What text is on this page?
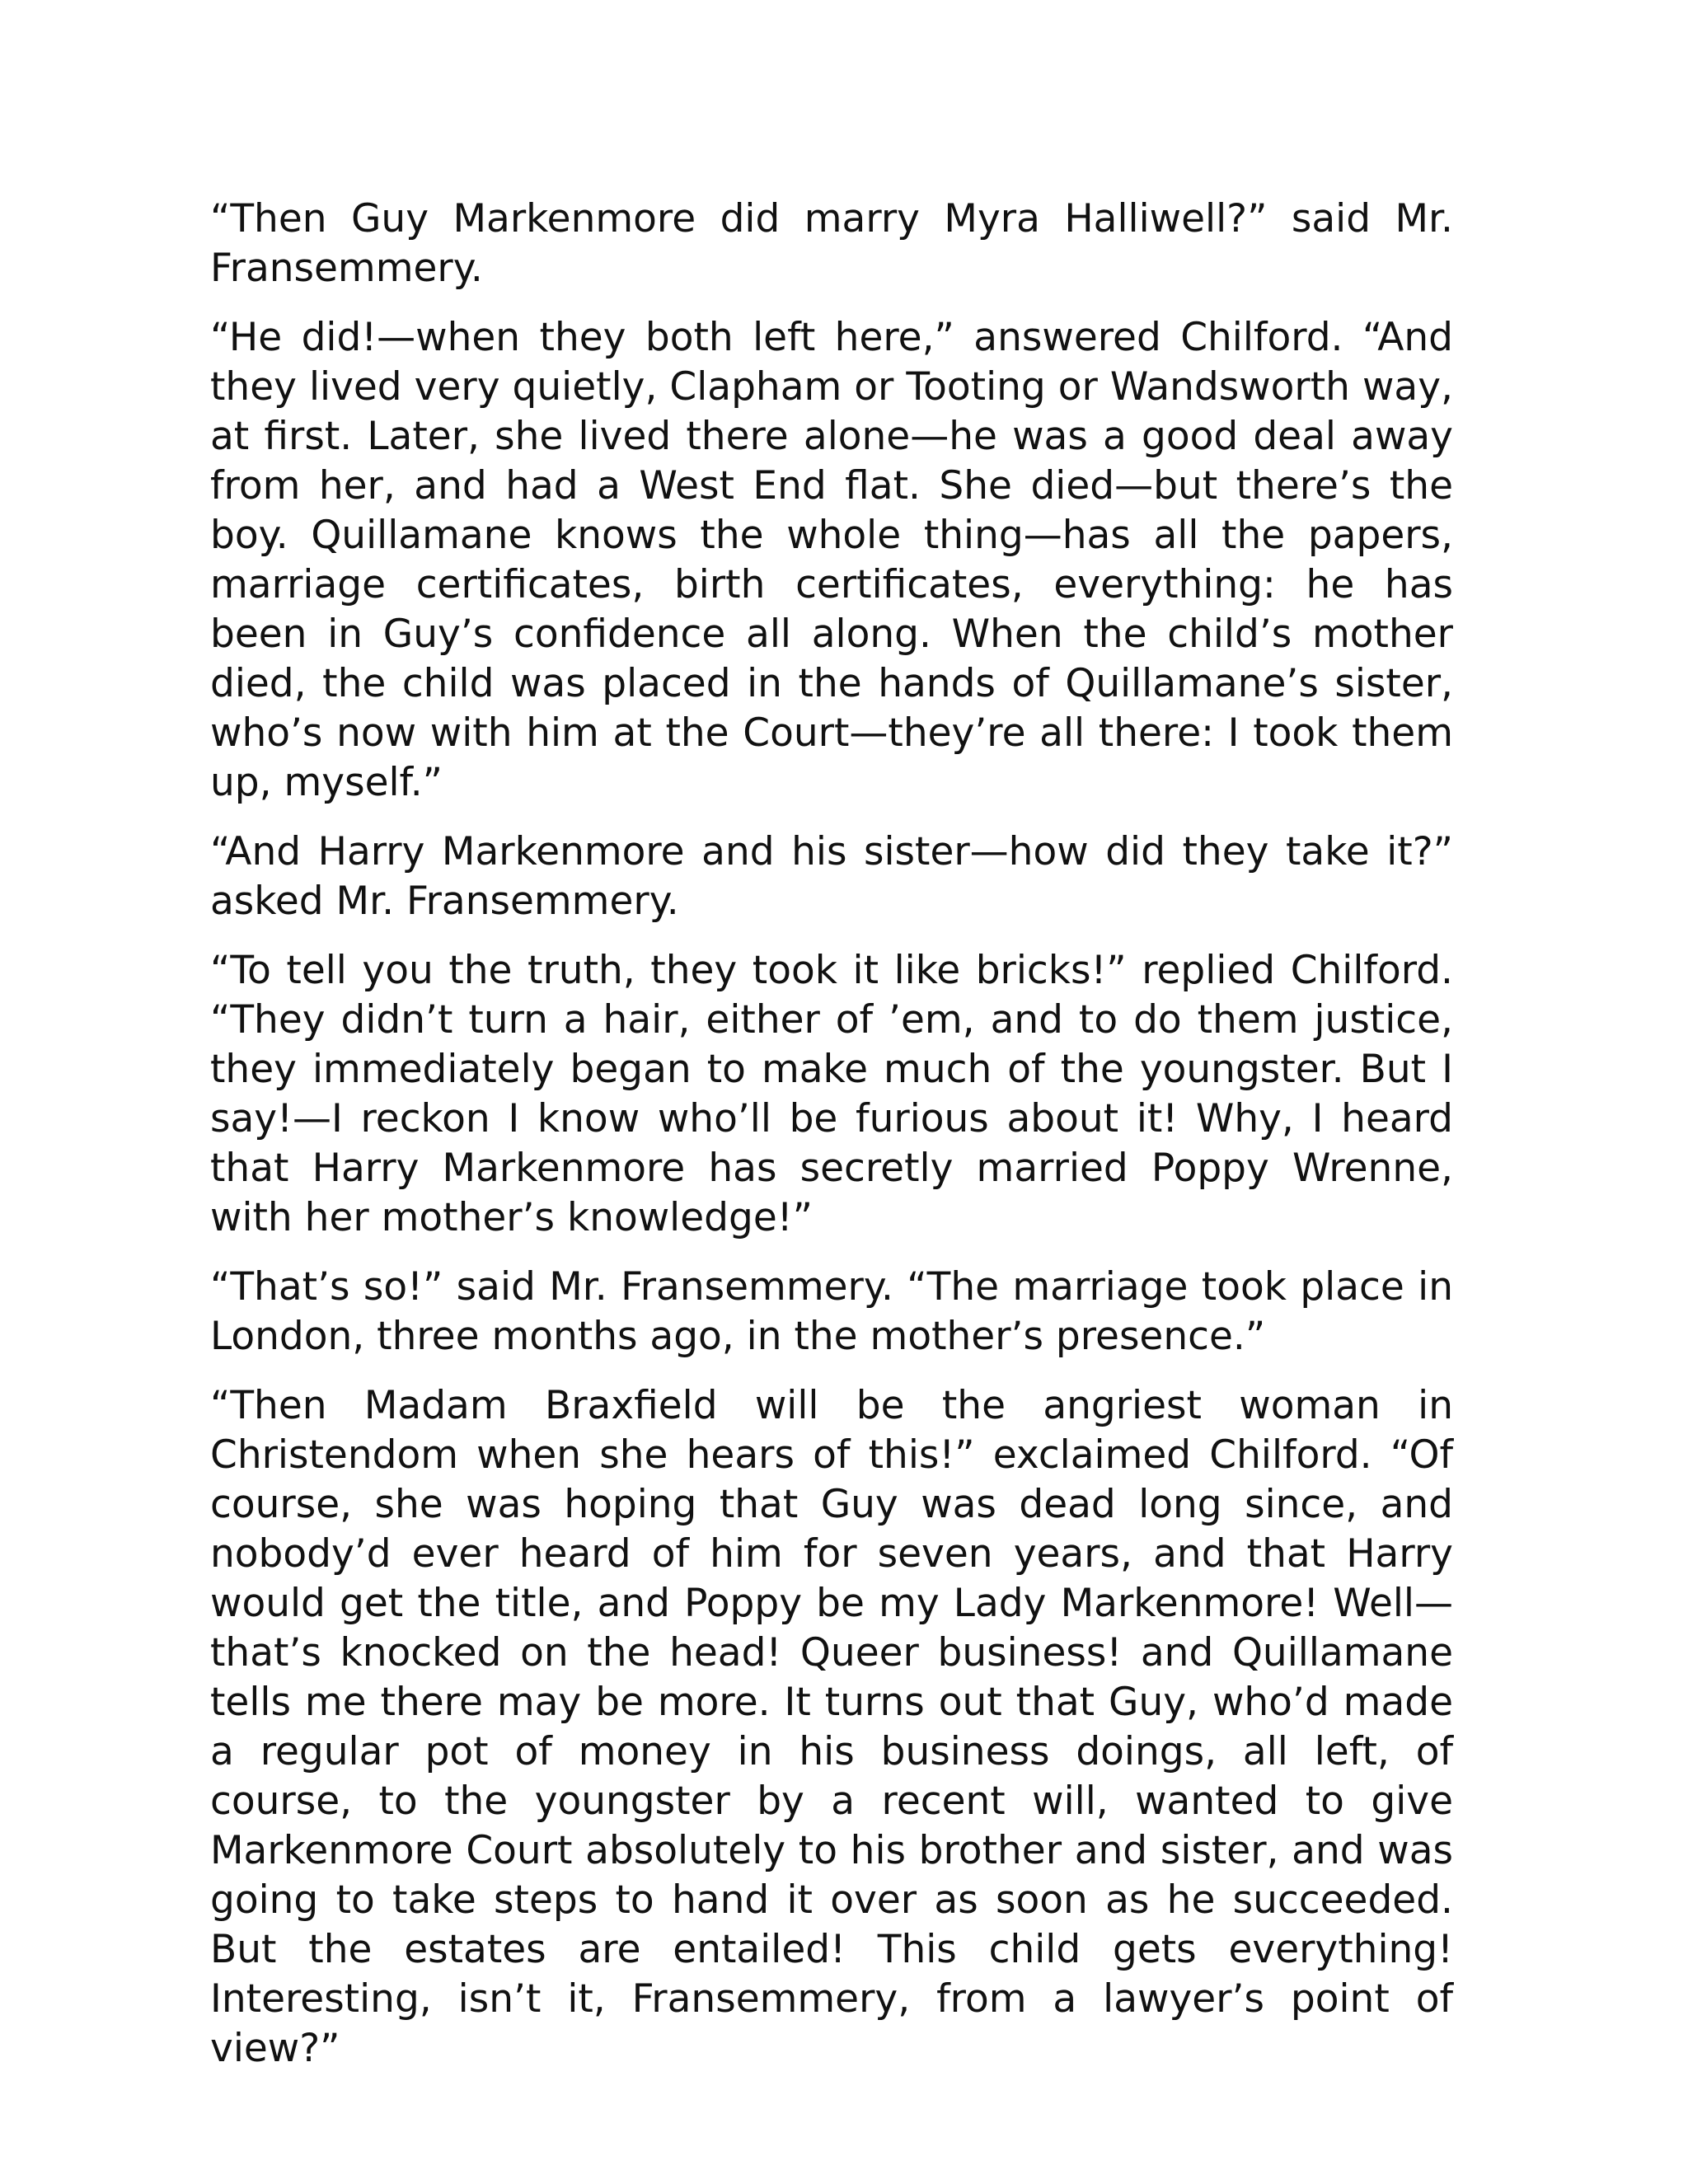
“Then Guy Markenmore did marry Myra Halliwell?” said Mr. Fransemmery.

“He did!—when they both left here,” answered Chilford. “And they lived very quietly, Clapham or Tooting or Wandsworth way, at first. Later, she lived there alone—he was a good deal away from her, and had a West End flat. She died—but there’s the boy. Quillamane knows the whole thing—has all the papers, marriage certificates, birth certificates, everything: he has been in Guy’s confidence all along. When the child’s mother died, the child was placed in the hands of Quillamane’s sister, who’s now with him at the Court—they’re all there: I took them up, myself.”

“And Harry Markenmore and his sister—how did they take it?” asked Mr. Fransemmery.

“To tell you the truth, they took it like bricks!” replied Chilford. “They didn’t turn a hair, either of ’em, and to do them justice, they immediately began to make much of the youngster. But I say!—I reckon I know who’ll be furious about it! Why, I heard that Harry Markenmore has secretly married Poppy Wrenne, with her mother’s knowledge!”

“That’s so!” said Mr. Fransemmery. “The marriage took place in London, three months ago, in the mother’s presence.”

“Then Madam Braxfield will be the angriest woman in Christendom when she hears of this!” exclaimed Chilford. “Of course, she was hoping that Guy was dead long since, and nobody’d ever heard of him for seven years, and that Harry would get the title, and Poppy be my Lady Markenmore! Well—that’s knocked on the head! Queer business! and Quillamane tells me there may be more. It turns out that Guy, who’d made a regular pot of money in his business doings, all left, of course, to the youngster by a recent will, wanted to give Markenmore Court absolutely to his brother and sister, and was going to take steps to hand it over as soon as he succeeded. But the estates are entailed! This child gets everything! Interesting, isn’t it, Fransemmery, from a lawyer’s point of view?”
